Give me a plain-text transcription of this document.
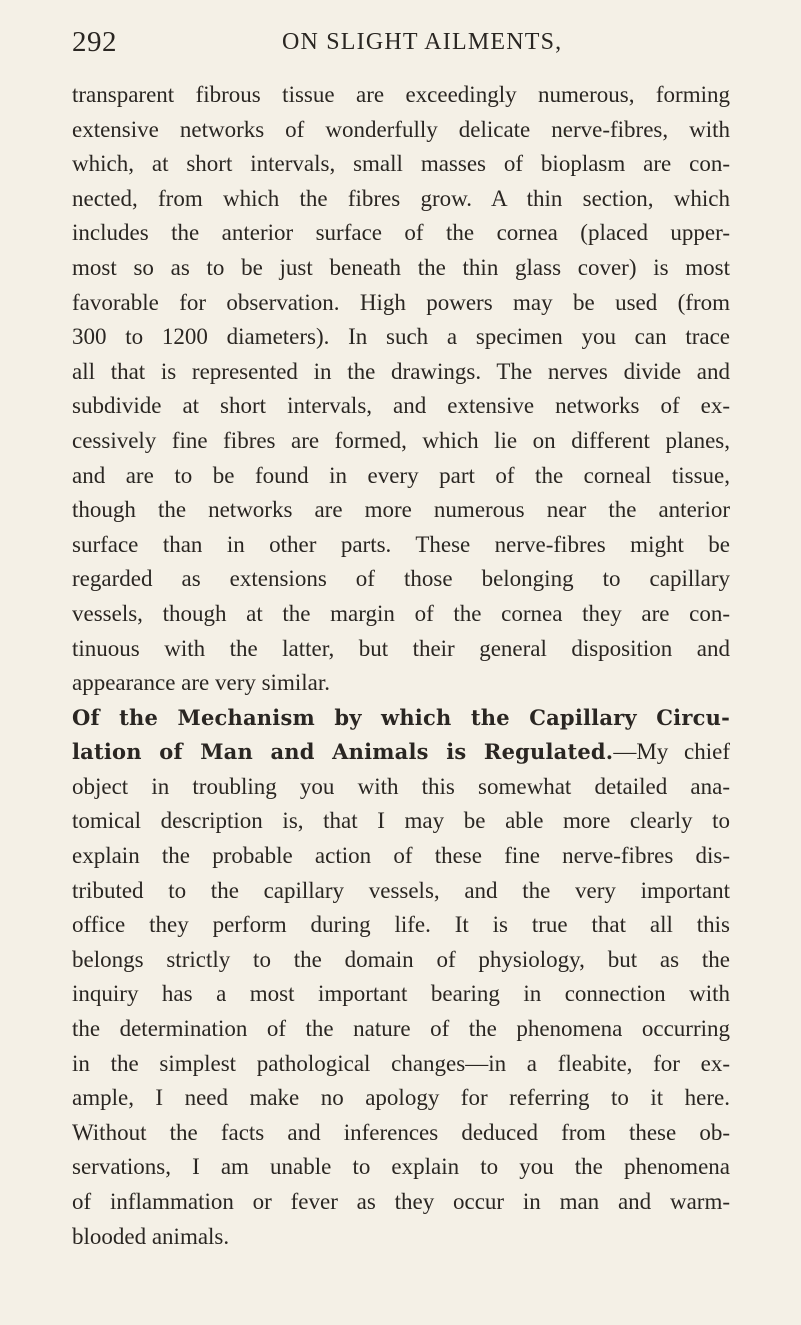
292	ON SLIGHT AILMENTS,
transparent fibrous tissue are exceedingly numerous, forming
extensive networks of wonderfully delicate nerve-fibres, with
which, at short intervals, small masses of bioplasm are con-
nected, from which the fibres grow. A thin section, which
includes the anterior surface of the cornea (placed upper-
most so as to be just beneath the thin glass cover) is most
favorable for observation. High powers may be used (from
300 to 1200 diameters). In such a specimen you can trace
all that is represented in the drawings. The nerves divide and
subdivide at short intervals, and extensive networks of ex-
cessively fine fibres are formed, which lie on different planes,
and are to be found in every part of the corneal tissue,
though the networks are more numerous near the anterior
surface than in other parts. These nerve-fibres might be
regarded as extensions of those belonging to capillary
vessels, though at the margin of the cornea they are con-
tinuous with the latter, but their general disposition and
appearance are very similar.
Of the Mechanism by which the Capillary Circu-
lation of Man and Animals is Regulated.—My chief
object in troubling you with this somewhat detailed ana-
tomical description is, that I may be able more clearly to
explain the probable action of these fine nerve-fibres dis-
tributed to the capillary vessels, and the very important
office they perform during life. It is true that all this
belongs strictly to the domain of physiology, but as the
inquiry has a most important bearing in connection with
the determination of the nature of the phenomena occurring
in the simplest pathological changes—in a fleabite, for ex-
ample, I need make no apology for referring to it here.
Without the facts and inferences deduced from these ob-
servations, I am unable to explain to you the phenomena
of inflammation or fever as they occur in man and warm-
blooded animals.
